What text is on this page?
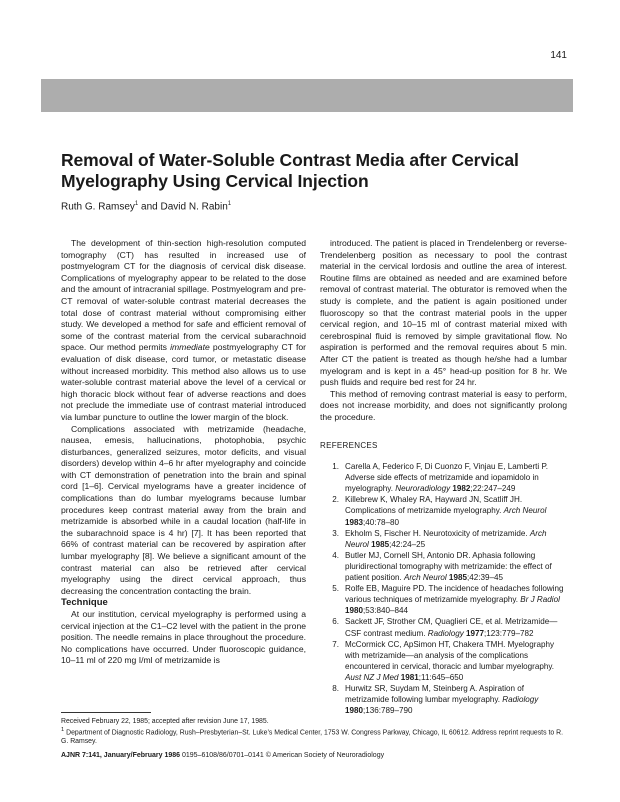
141
Removal of Water-Soluble Contrast Media after Cervical Myelography Using Cervical Injection
Ruth G. Ramsey$^1$ and David N. Rabin$^1$

The development of thin-section high-resolution computed tomography (CT) has resulted in increased use of postmyelogram CT for the diagnosis of cervical disk disease. Complications of myelography appear to be related to the dose and the amount of intracranial spillage. Postmyelogram and pre-CT removal of water-soluble contrast material decreases the total dose of contrast material without compromising either study. We developed a method for safe and efficient removal of some of the contrast material from the cervical subarachnoid space. Our method permits immediate postmyelography CT for evaluation of disk disease, cord tumor, or metastatic disease without increased morbidity. This method also allows us to use water-soluble contrast material above the level of a cervical or high thoracic block without fear of adverse reactions and does not preclude the immediate use of contrast material introduced via lumbar puncture to outline the lower margin of the block.

Complications associated with metrizamide (headache, nausea, emesis, hallucinations, photophobia, psychic disturbances, generalized seizures, motor deficits, and visual disorders) develop within 4–6 hr after myelography and coincide with CT demonstration of penetration into the brain and spinal cord [1–6]. Cervical myelograms have a greater incidence of complications than do lumbar myelograms because lumbar procedures keep contrast material away from the brain and metrizamide is absorbed while in a caudal location (half-life in the subarachnoid space is 4 hr) [7]. It has been reported that 66% of contrast material can be recovered by aspiration after lumbar myelography [8]. We believe a significant amount of the contrast material can also be retrieved after cervical myelography using the direct cervical approach, thus decreasing the concentration contacting the brain.

Technique

At our institution, cervical myelography is performed using a cervical injection at the C1–C2 level with the patient in the prone position. The needle remains in place throughout the procedure. No complications have occurred. Under fluoroscopic guidance, 10–11 ml of 220 mg I/ml of metrizamide is

introduced. The patient is placed in Trendelenberg or reverse-Trendelenberg position as necessary to pool the contrast material in the cervical lordosis and outline the area of interest. Routine films are obtained as needed and are examined before removal of contrast material. The obturator is removed when the study is complete, and the patient is again positioned under fluoroscopy so that the contrast material pools in the upper cervical region, and 10–15 ml of contrast material mixed with cerebrospinal fluid is removed by simple gravitational flow. No aspiration is performed and the removal requires about 5 min. After CT the patient is treated as though he/she had a lumbar myelogram and is kept in a 45° head-up position for 8 hr. We push fluids and require bed rest for 24 hr.

This method of removing contrast material is easy to perform, does not increase morbidity, and does not significantly prolong the procedure.

REFERENCES
1. Carella A, Federico F, Di Cuonzo F, Vinjau E, Lamberti P. Adverse side effects of metrizamide and iopamidolo in myelography. Neuroradiology 1982;22:247–249
2. Killebrew K, Whaley RA, Hayward JN, Scatliff JH. Complications of metrizamide myelography. Arch Neurol 1983;40:78–80
3. Ekholm S, Fischer H. Neurotoxicity of metrizamide. Arch Neurol 1985;42:24–25
4. Butler MJ, Cornell SH, Antonio DR. Aphasia following pluridirectional tomography with metrizamide: the effect of patient position. Arch Neurol 1985;42:39–45
5. Rolfe EB, Maguire PD. The incidence of headaches following various techniques of metrizamide myelography. Br J Radiol 1980;53:840–844
6. Sackett JF, Strother CM, Quaglieri CE, et al. Metrizamide—CSF contrast medium. Radiology 1977;123:779–782
7. McCormick CC, ApSimon HT, Chakera TMH. Myelography with metrizamide—an analysis of the complications encountered in cervical, thoracic and lumbar myelography. Aust NZ J Med 1981;11:645–650
8. Hurwitz SR, Suydam M, Steinberg A. Aspiration of metrizamide following lumbar myelography. Radiology 1980;136:789–790

Received February 22, 1985; accepted after revision June 17, 1985.

$^1$ Department of Diagnostic Radiology, Rush–Presbyterian–St. Luke’s Medical Center, 1753 W. Congress Parkway, Chicago, IL 60612. Address reprint requests to R. G. Ramsey.

AJNR 7:141, January/February 1986 0195–6108/86/0701–0141 © American Society of Neuroradiology
